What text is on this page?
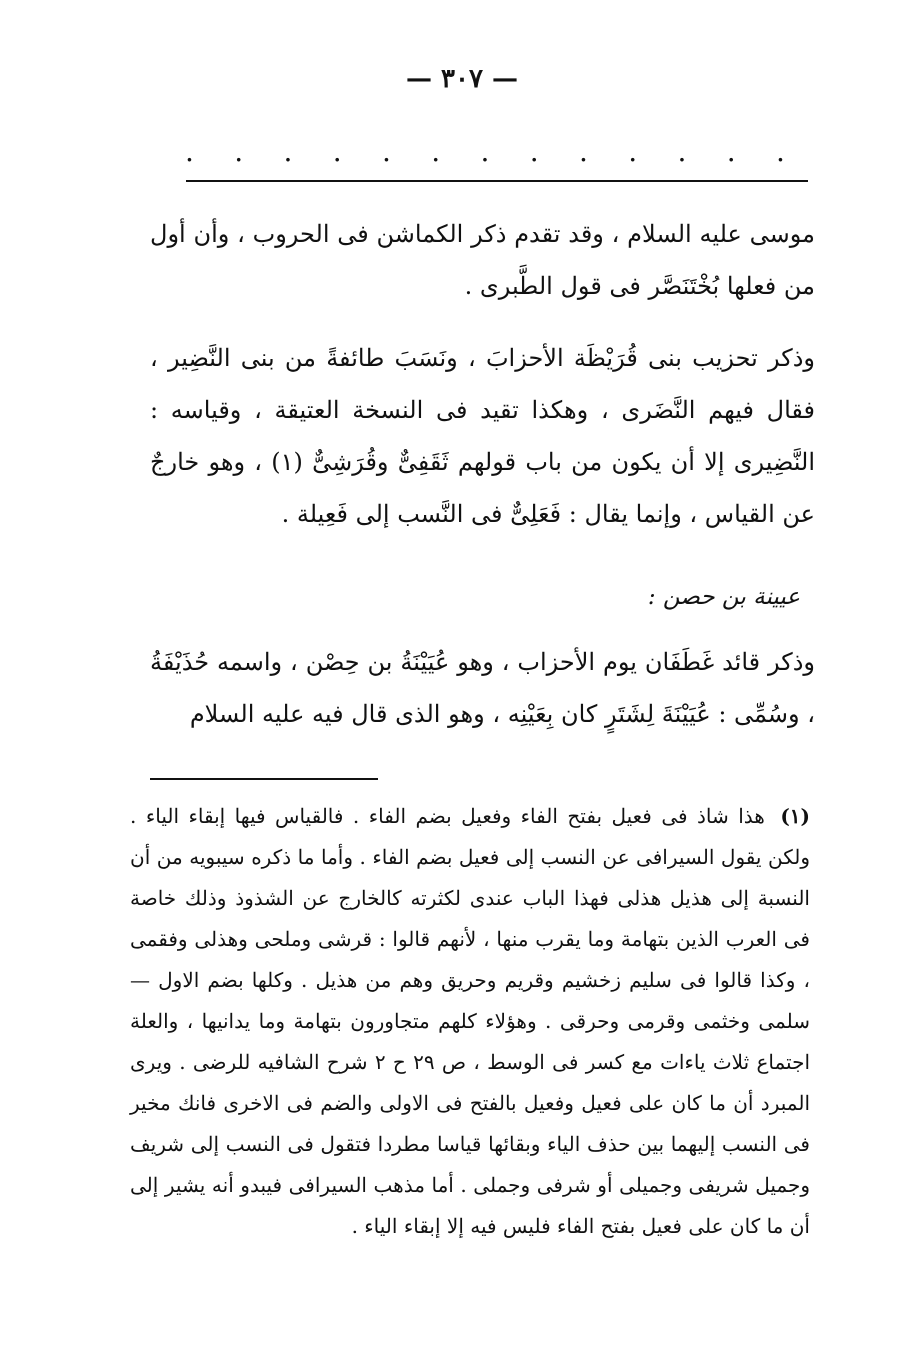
— ٣٠٧ —
. . . . . . . . . . . . .
موسى عليه السلام ، وقد تقدم ذكر الكماشن فى الحروب ، وأن أول من فعلها بُخْتَنَصَّر فى قول الطَّبرى .
وذكر تحزيب بنى قُرَيْظَة الأحزابَ ، ونَسَبَ طائفةً من بنى النَّضِير ، فقال فيهم النَّضَرى ، وهكذا تقيد فى النسخة العتيقة ، وقياسه : النَّضِيرى إلا أن يكون من باب قولهم ثَقَفِىٌّ وقُرَشِىٌّ (١) ، وهو خارجٌ عن القياس ، وإنما يقال : فَعَلِىٌّ فى النَّسب إلى فَعِيلة .
عيينة بن حصن :
وذكر قائد غَطَفَان يوم الأحزاب ، وهو عُيَيْنَةُ بن حِصْن ، واسمه حُذَيْفَةُ ، وسُمِّى : عُيَيْنَةَ لِشَتَرٍ كان بِعَيْنِه ، وهو الذى قال فيه عليه السلام
(١) هذا شاذ فى فعيل بفتح الفاء وفعيل بضم الفاء . فالقياس فيها إبقاء الياء . ولكن يقول السيرافى عن النسب إلى فعيل بضم الفاء . وأما ما ذكره سيبويه من أن النسبة إلى هذيل هذلى فهذا الباب عندى لكثرته كالخارج عن الشذوذ وذلك خاصة فى العرب الذين بتهامة وما يقرب منها ، لأنهم قالوا : قرشى وملحى وهذلى وفقمى ، وكذا قالوا فى سليم زخشيم وقريم وحريق وهم من هذيل . وكلها بضم الاول — سلمى وخثمى وقرمى وحرقى . وهؤلاء كلهم متجاورون بتهامة وما يدانيها ، والعلة اجتماع ثلاث ياءات مع كسر فى الوسط ، ص ٢٩ ح ٢ شرح الشافيه للرضى . ويرى المبرد أن ما كان على فعيل وفعيل بالفتح فى الاولى والضم فى الاخرى فانك مخير فى النسب إليهما بين حذف الياء وبقائها قياسا مطردا فتقول فى النسب إلى شريف وجميل شريفى وجميلى أو شرفى وجملى . أما مذهب السيرافى فيبدو أنه يشير إلى أن ما كان على فعيل بفتح الفاء فليس فيه إلا إبقاء الياء .
